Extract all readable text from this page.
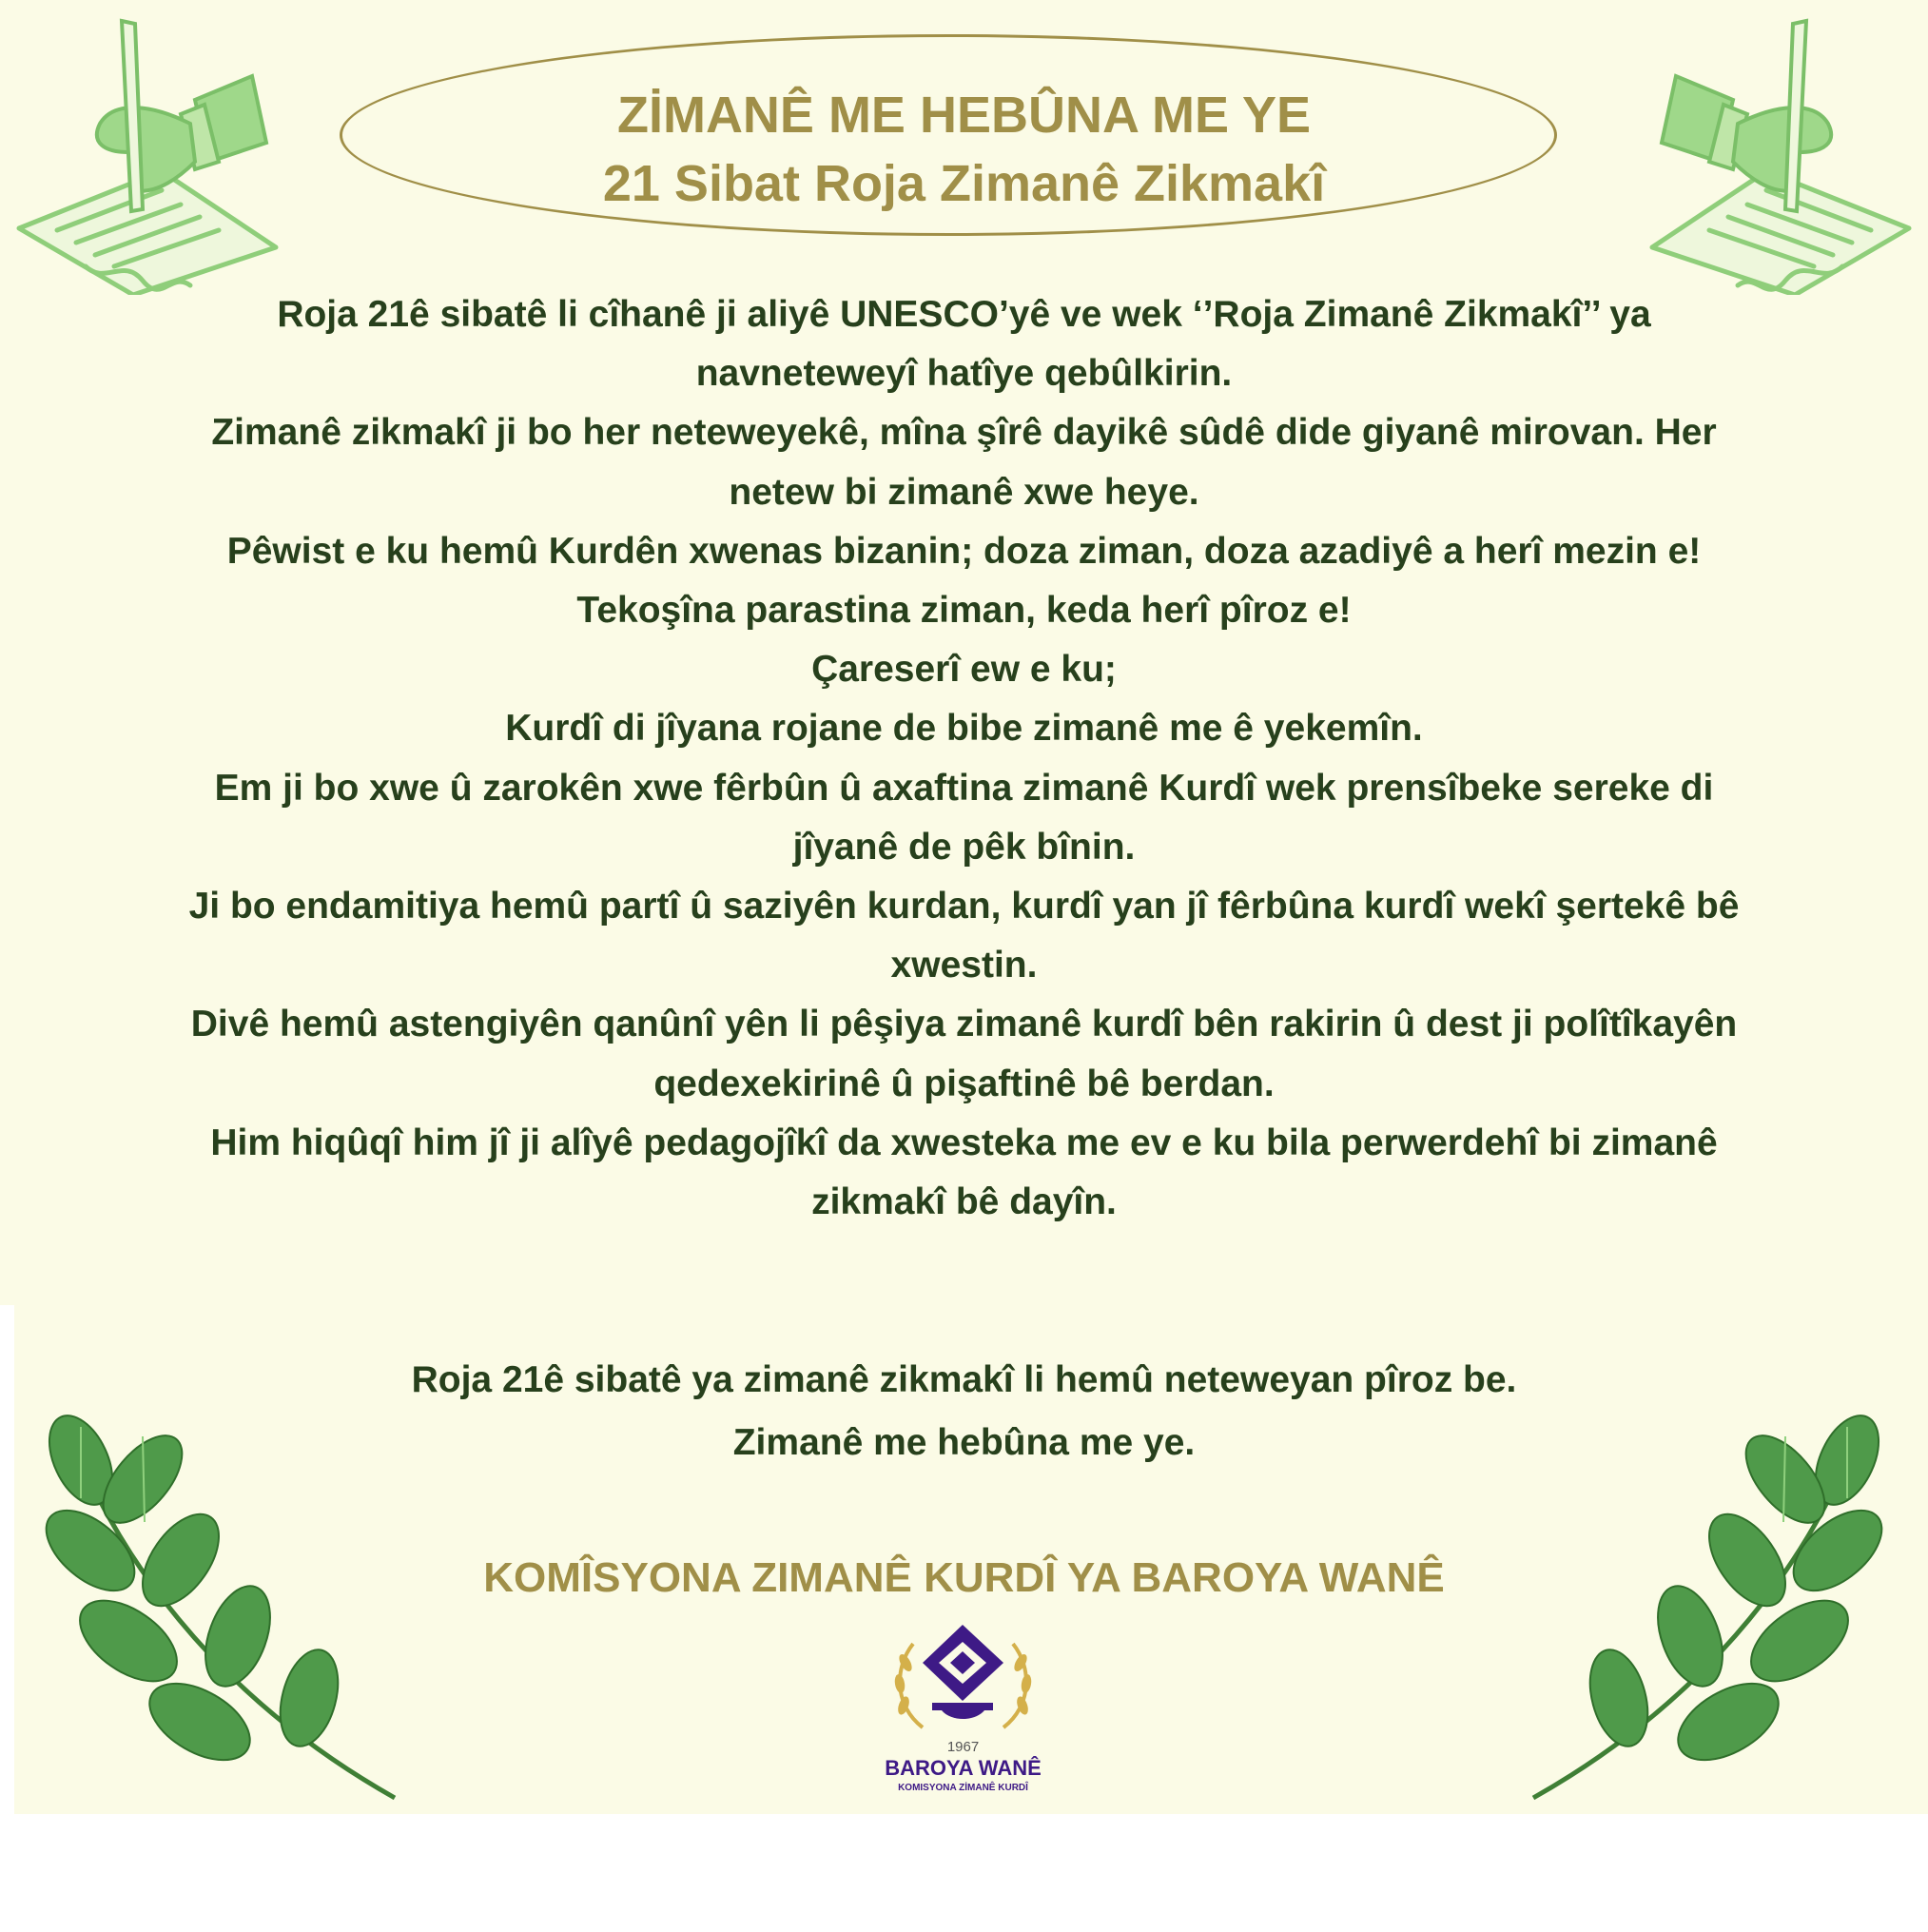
ZİMANÊ ME HEBÛNA ME YE
21 Sibat Roja Zimanê Zikmakî
Roja 21ê sibatê li cîhanê ji aliyê UNESCO’yê ve wek ‘’Roja Zimanê Zikmakî’’ ya
navneteweyî hatîye qebûlkirin.
Zimanê zikmakî ji bo her neteweyekê, mîna şîrê dayikê sûdê dide giyanê mirovan. Her
netew bi zimanê xwe heye.
Pêwist e ku hemû Kurdên xwenas bizanin; doza ziman, doza azadiyê a herî mezin e!
Tekoşîna parastina ziman, keda herî pîroz e!
Çareserî ew e ku;
Kurdî di jîyana rojane de bibe zimanê me ê yekemîn.
Em ji bo xwe û zarokên xwe fêrbûn û axaftina zimanê Kurdî wek prensîbeke sereke di
jîyanê de pêk bînin.
Ji bo endamitiya hemû partî û saziyên kurdan, kurdî yan jî fêrbûna kurdî wekî şertekê bê
xwestin.
Divê hemû astengiyên qanûnî yên li pêşiya zimanê kurdî bên rakirin û dest ji polîtîkayên
qedexekirinê û pişaftinê bê berdan.
Him hiqûqî him jî ji alîyê pedagojîkî da xwesteka me ev e ku bila perwerdehî bi zimanê
zikmakî bê dayîn.
Roja 21ê sibatê ya zimanê zikmakî li hemû neteweyan pîroz be.
Zimanê me hebûna me ye.
KOMÎSYONA ZIMANÊ KURDÎ YA BAROYA WANÊ
1967
BAROYA WANÊ
KOMISYONA ZİMANÊ KURDÎ
